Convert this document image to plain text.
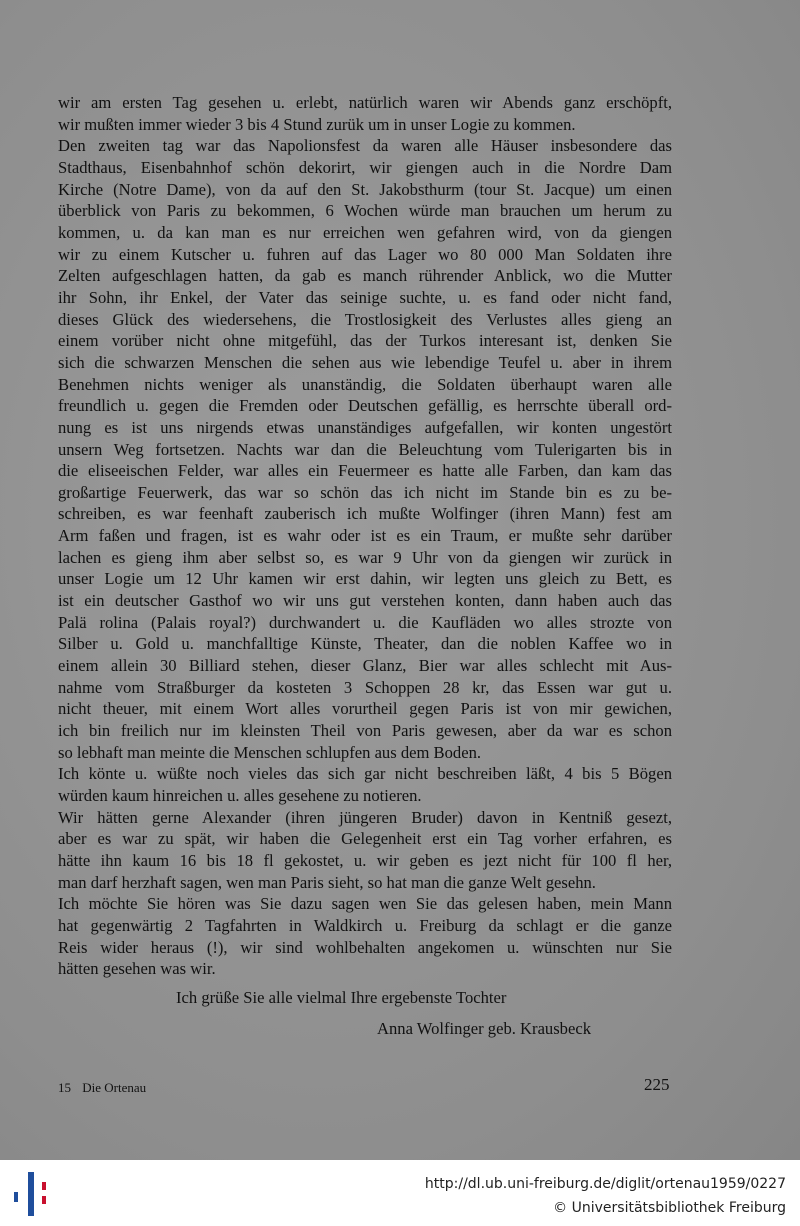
wir am ersten Tag gesehen u. erlebt, natürlich waren wir Abends ganz erschöpft,
wir mußten immer wieder 3 bis 4 Stund zurük um in unser Logie zu kommen.
Den zweiten tag war das Napolionsfest da waren alle Häuser insbesondere das
Stadthaus, Eisenbahnhof schön dekorirt, wir giengen auch in die Nordre Dam
Kirche (Notre Dame), von da auf den St. Jakobsthurm (tour St. Jacque) um einen
überblick von Paris zu bekommen, 6 Wochen würde man brauchen um herum zu
kommen, u. da kan man es nur erreichen wen gefahren wird, von da giengen
wir zu einem Kutscher u. fuhren auf das Lager wo 80 000 Man Soldaten ihre
Zelten aufgeschlagen hatten, da gab es manch rührender Anblick, wo die Mutter
ihr Sohn, ihr Enkel, der Vater das seinige suchte, u. es fand oder nicht fand,
dieses Glück des wiedersehens, die Trostlosigkeit des Verlustes alles gieng an
einem vorüber nicht ohne mitgefühl, das der Turkos interesant ist, denken Sie
sich die schwarzen Menschen die sehen aus wie lebendige Teufel u. aber in ihrem
Benehmen nichts weniger als unanständig, die Soldaten überhaupt waren alle
freundlich u. gegen die Fremden oder Deutschen gefällig, es herrschte überall ord-
nung es ist uns nirgends etwas unanständiges aufgefallen, wir konten ungestört
unsern Weg fortsetzen. Nachts war dan die Beleuchtung vom Tulerigarten bis in
die eliseeischen Felder, war alles ein Feuermeer es hatte alle Farben, dan kam das
großartige Feuerwerk, das war so schön das ich nicht im Stande bin es zu be-
schreiben, es war feenhaft zauberisch ich mußte Wolfinger (ihren Mann) fest am
Arm faßen und fragen, ist es wahr oder ist es ein Traum, er mußte sehr darüber
lachen es gieng ihm aber selbst so, es war 9 Uhr von da giengen wir zurück in
unser Logie um 12 Uhr kamen wir erst dahin, wir legten uns gleich zu Bett, es
ist ein deutscher Gasthof wo wir uns gut verstehen konten, dann haben auch das
Palä rolina (Palais royal?) durchwandert u. die Kaufläden wo alles strozte von
Silber u. Gold u. manchfalltige Künste, Theater, dan die noblen Kaffee wo in
einem allein 30 Billiard stehen, dieser Glanz, Bier war alles schlecht mit Aus-
nahme vom Straßburger da kosteten 3 Schoppen 28 kr, das Essen war gut u.
nicht theuer, mit einem Wort alles vorurtheil gegen Paris ist von mir gewichen,
ich bin freilich nur im kleinsten Theil von Paris gewesen, aber da war es schon
so lebhaft man meinte die Menschen schlupfen aus dem Boden.
Ich könte u. wüßte noch vieles das sich gar nicht beschreiben läßt, 4 bis 5 Bögen
würden kaum hinreichen u. alles gesehene zu notieren.
Wir hätten gerne Alexander (ihren jüngeren Bruder) davon in Kentniß gesezt,
aber es war zu spät, wir haben die Gelegenheit erst ein Tag vorher erfahren, es
hätte ihn kaum 16 bis 18 fl gekostet, u. wir geben es jezt nicht für 100 fl her,
man darf herzhaft sagen, wen man Paris sieht, so hat man die ganze Welt gesehn.
Ich möchte Sie hören was Sie dazu sagen wen Sie das gelesen haben, mein Mann
hat gegenwärtig 2 Tagfahrten in Waldkirch u. Freiburg da schlagt er die ganze
Reis wider heraus (!), wir sind wohlbehalten angekomen u. wünschten nur Sie
hätten gesehen was wir.
Ich grüße Sie alle vielmal Ihre ergebenste Tochter
Anna Wolfinger geb. Krausbeck
15 Die Ortenau	225
http://dl.ub.uni-freiburg.de/diglit/ortenau1959/0227
© Universitätsbibliothek Freiburg
